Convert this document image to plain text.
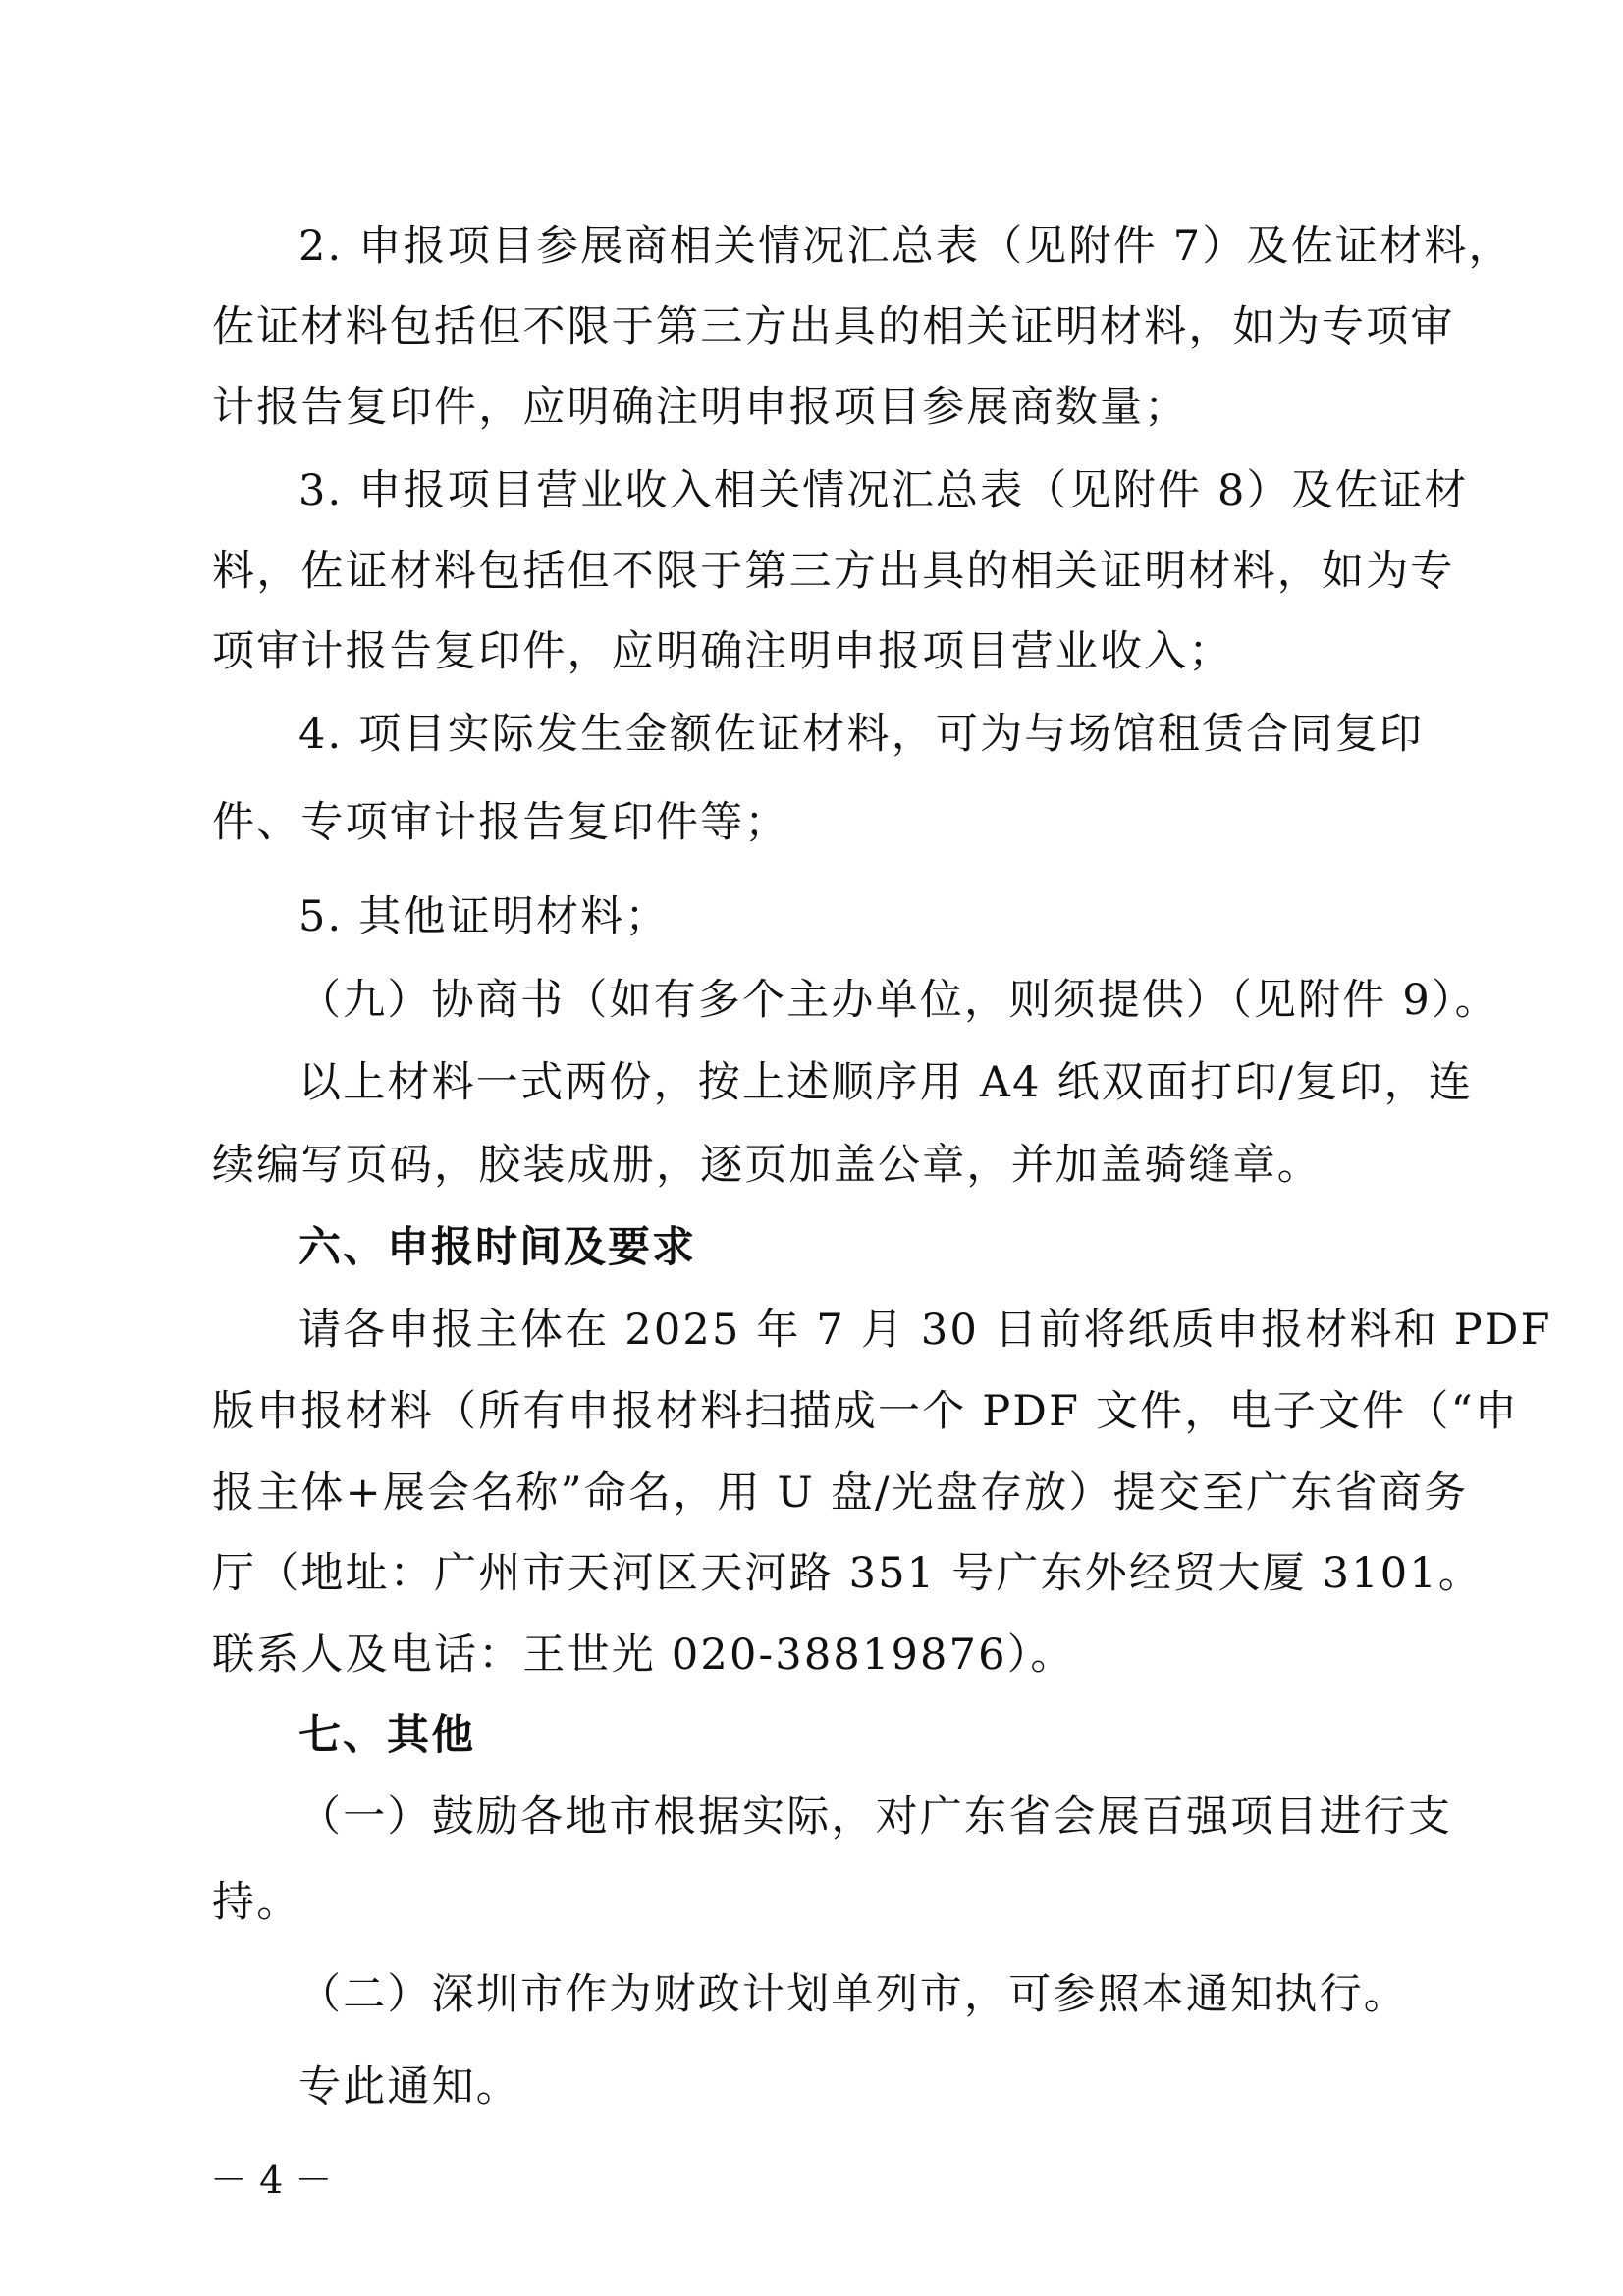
2. 申报项目参展商相关情况汇总表（见附件 7）及佐证材料，
佐证材料包括但不限于第三方出具的相关证明材料，如为专项审
计报告复印件，应明确注明申报项目参展商数量；
3. 申报项目营业收入相关情况汇总表（见附件 8）及佐证材
料，佐证材料包括但不限于第三方出具的相关证明材料，如为专
项审计报告复印件，应明确注明申报项目营业收入；
4. 项目实际发生金额佐证材料，可为与场馆租赁合同复印
件、专项审计报告复印件等；
5. 其他证明材料；
（九）协商书（如有多个主办单位，则须提供）（见附件 9）。
以上材料一式两份，按上述顺序用 A4 纸双面打印/复印，连
续编写页码，胶装成册，逐页加盖公章，并加盖骑缝章。
六、申报时间及要求
请各申报主体在 2025 年 7 月 30 日前将纸质申报材料和 PDF
版申报材料（所有申报材料扫描成一个 PDF 文件，电子文件（“申
报主体+展会名称”命名，用 U 盘/光盘存放）提交至广东省商务
厅（地址：广州市天河区天河路 351 号广东外经贸大厦 3101。
联系人及电话：王世光 020-38819876）。
七、其他
（一）鼓励各地市根据实际，对广东省会展百强项目进行支
持。
（二）深圳市作为财政计划单列市，可参照本通知执行。
专此通知。
－ 4 －
